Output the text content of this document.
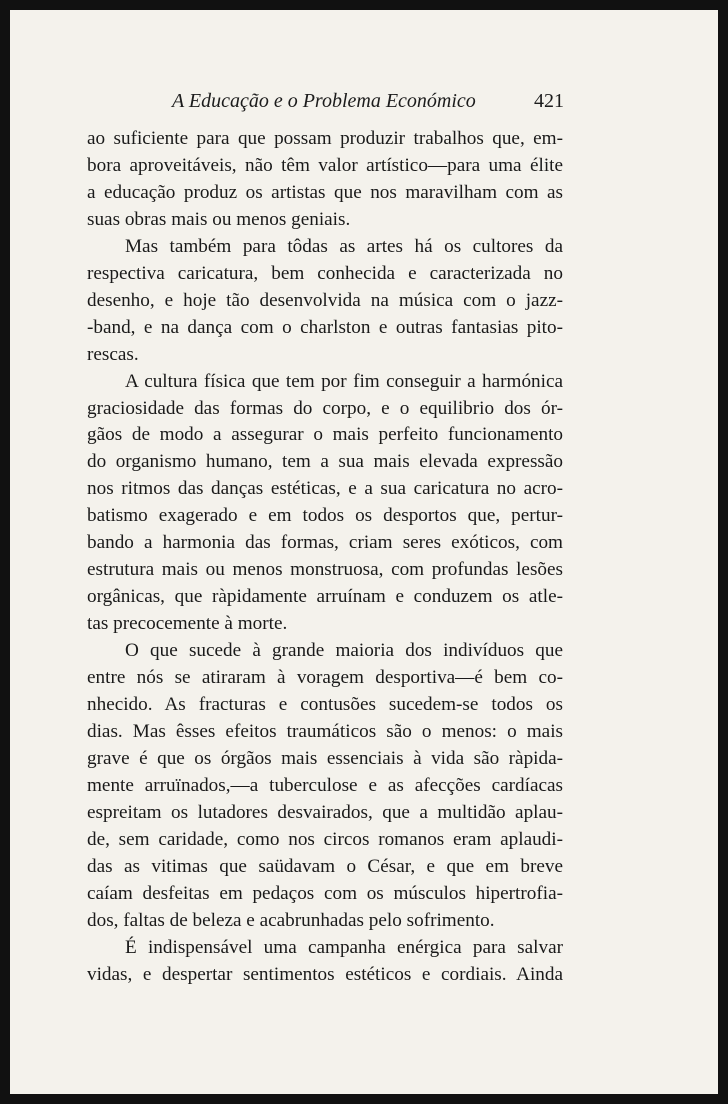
A Educação e o Problema Económico	421

ao suficiente para que possam produzir trabalhos que, em-
bora aproveitáveis, não têm valor artístico—para uma élite
a educação produz os artistas que nos maravilham com as
suas obras mais ou menos geniais.

Mas também para tôdas as artes há os cultores da
respectiva caricatura, bem conhecida e caracterizada no
desenho, e hoje tão desenvolvida na música com o jazz-
-band, e na dança com o charlston e outras fantasias pito-
rescas.

A cultura física que tem por fim conseguir a harmónica
graciosidade das formas do corpo, e o equilibrio dos ór-
gãos de modo a assegurar o mais perfeito funcionamento
do organismo humano, tem a sua mais elevada expressão
nos ritmos das danças estéticas, e a sua caricatura no acro-
batismo exagerado e em todos os desportos que, pertur-
bando a harmonia das formas, criam seres exóticos, com
estrutura mais ou menos monstruosa, com profundas lesões
orgânicas, que ràpidamente arruínam e conduzem os atle-
tas precocemente à morte.

O que sucede à grande maioria dos indivíduos que
entre nós se atiraram à voragem desportiva—é bem co-
nhecido. As fracturas e contusões sucedem-se todos os
dias. Mas êsses efeitos traumáticos são o menos: o mais
grave é que os órgãos mais essenciais à vida são ràpida-
mente arruïnados,—a tuberculose e as afecções cardíacas
espreitam os lutadores desvairados, que a multidão aplau-
de, sem caridade, como nos circos romanos eram aplaudi-
das as vitimas que saüdavam o César, e que em breve
caíam desfeitas em pedaços com os músculos hipertrofia-
dos, faltas de beleza e acabrunhadas pelo sofrimento.

É indispensável uma campanha enérgica para salvar
vidas, e despertar sentimentos estéticos e cordiais. Ainda
